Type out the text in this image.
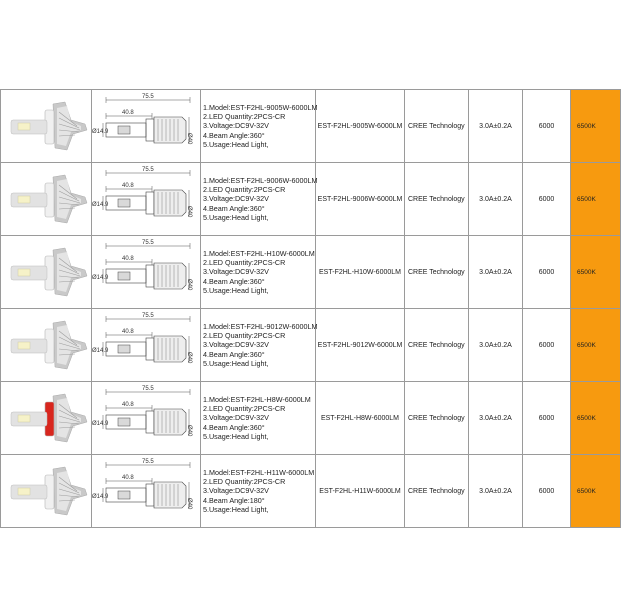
75.5
40.8
Ø14.9
Ø40	1.Model:EST-F2HL-9005W-6000LM
2.LED Quantity:2PCS-CR
3.Voltage:DC9V-32V
4.Beam Angle:360°
5.Usage:Head Light,	EST-F2HL-9005W-6000LM	CREE Technology	3.0A±0.2A	6000	6500K

75.5
40.8
Ø14.9
Ø40	1.Model:EST-F2HL-9006W-6000LM
2.LED Quantity:2PCS-CR
3.Voltage:DC9V-32V
4.Beam Angle:360°
5.Usage:Head Light,	EST-F2HL-9006W-6000LM	CREE Technology	3.0A±0.2A	6000	6500K

75.5
40.8
Ø14.9
Ø40	1.Model:EST-F2HL-H10W-6000LM
2.LED Quantity:2PCS-CR
3.Voltage:DC9V-32V
4.Beam Angle:360°
5.Usage:Head Light,	EST-F2HL-H10W-6000LM	CREE Technology	3.0A±0.2A	6000	6500K

75.5
40.8
Ø14.9
Ø40	1.Model:EST-F2HL-9012W-6000LM
2.LED Quantity:2PCS-CR
3.Voltage:DC9V-32V
4.Beam Angle:360°
5.Usage:Head Light,	EST-F2HL-9012W-6000LM	CREE Technology	3.0A±0.2A	6000	6500K

75.5
40.8
Ø14.9
Ø40	1.Model:EST-F2HL-H8W-6000LM
2.LED Quantity:2PCS-CR
3.Voltage:DC9V-32V
4.Beam Angle:360°
5.Usage:Head Light,	EST-F2HL-H8W-6000LM	CREE Technology	3.0A±0.2A	6000	6500K

75.5
40.8
Ø14.9
Ø40	1.Model:EST-F2HL-H11W-6000LM
2.LED Quantity:2PCS-CR
3.Voltage:DC9V-32V
4.Beam Angle:180°
5.Usage:Head Light,	EST-F2HL-H11W-6000LM	CREE Technology	3.0A±0.2A	6000	6500K
